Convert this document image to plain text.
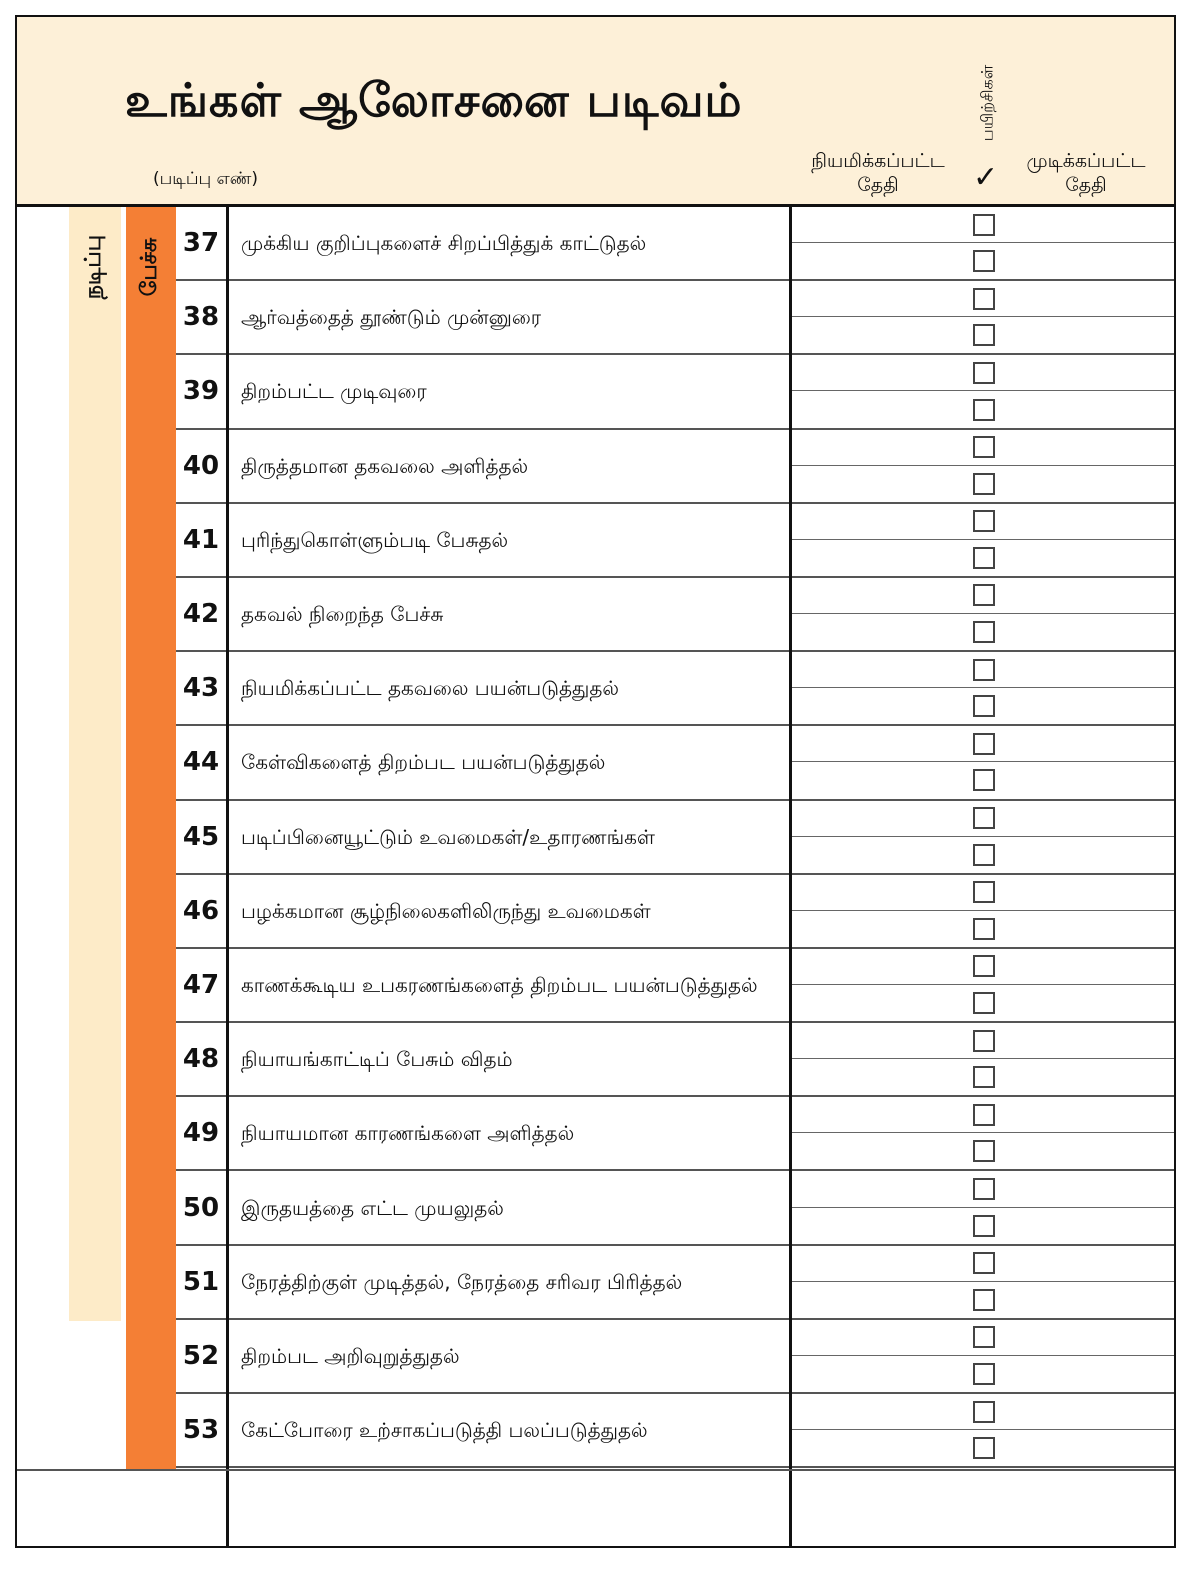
உங்கள் ஆலோசனை படிவம்
(படிப்பு எண்)
நியமிக்கப்பட்ட
தேதி
பயிற்சிகள்
✓	முடிக்கப்பட்ட
தேதி
நடிப்பு பேச்சு 37	முக்கிய குறிப்புகளைச் சிறப்பித்துக் காட்டுதல்
38	ஆர்வத்தைத் தூண்டும் முன்னுரை
39	திறம்பட்ட முடிவுரை
40	திருத்தமான தகவலை அளித்தல்
41	புரிந்துகொள்ளும்படி பேசுதல்
42	தகவல் நிறைந்த பேச்சு
43	நியமிக்கப்பட்ட தகவலை பயன்படுத்துதல்
44	கேள்விகளைத் திறம்பட பயன்படுத்துதல்
45	படிப்பினையூட்டும் உவமைகள்/உதாரணங்கள்
46	பழக்கமான சூழ்நிலைகளிலிருந்து உவமைகள்
47	காணக்கூடிய உபகரணங்களைத் திறம்பட பயன்படுத்துதல்
48	நியாயங்காட்டிப் பேசும் விதம்
49	நியாயமான காரணங்களை அளித்தல்
50	இருதயத்தை எட்ட முயலுதல்
51	நேரத்திற்குள் முடித்தல், நேரத்தை சரிவர பிரித்தல்
52	திறம்பட அறிவுறுத்துதல்
53	கேட்போரை உற்சாகப்படுத்தி பலப்படுத்துதல்
